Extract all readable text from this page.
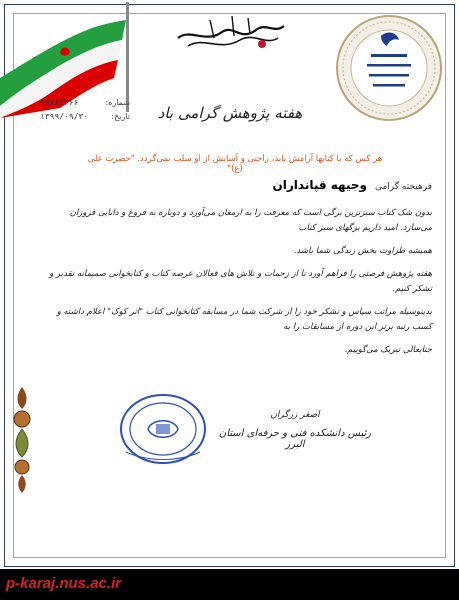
شماره:
۹۹۷۶۳۳۶۶
تاریخ:
۱۳۹۹/۰۹/۳۰	هفته پژوهش گرامی باد
هر کس که با کتابها آرامش یابد، راحتی و آسایش از او سلب نمی‌گردد. "حضرت علی (ع)"
فرهیخته گرامی
وجیهه قپانداران
بدون شک کتاب سبزترین برگی است که معرفت را به ارمغان می‌آورد و دوباره به فروغ و دانایی فروزان می‌سازد. امید داریم برگهای سبز کتاب
همیشه طراوت بخش زندگی شما باشد.
هفته پژوهش فرصتی را فراهم آورد تا از زحمات و تلاش های فعالان عرصه کتاب و کتابخوانی صمیمانه تقدیر و تشکر کنیم.
بدینوسیله مراتب سپاس و تشکر خود را از شرکت شما در مسابقه کتابخوانی کتاب "اثر کوک" اعلام داشته و کسب رتبه برتر این دوره از مسابقات را به
جنابعالی تبریک می‌گوییم.
اصغر زرگران
رئیس دانشکده فنی و حرفه‌ای استان البرز
p-karaj.nus.ac.ir
